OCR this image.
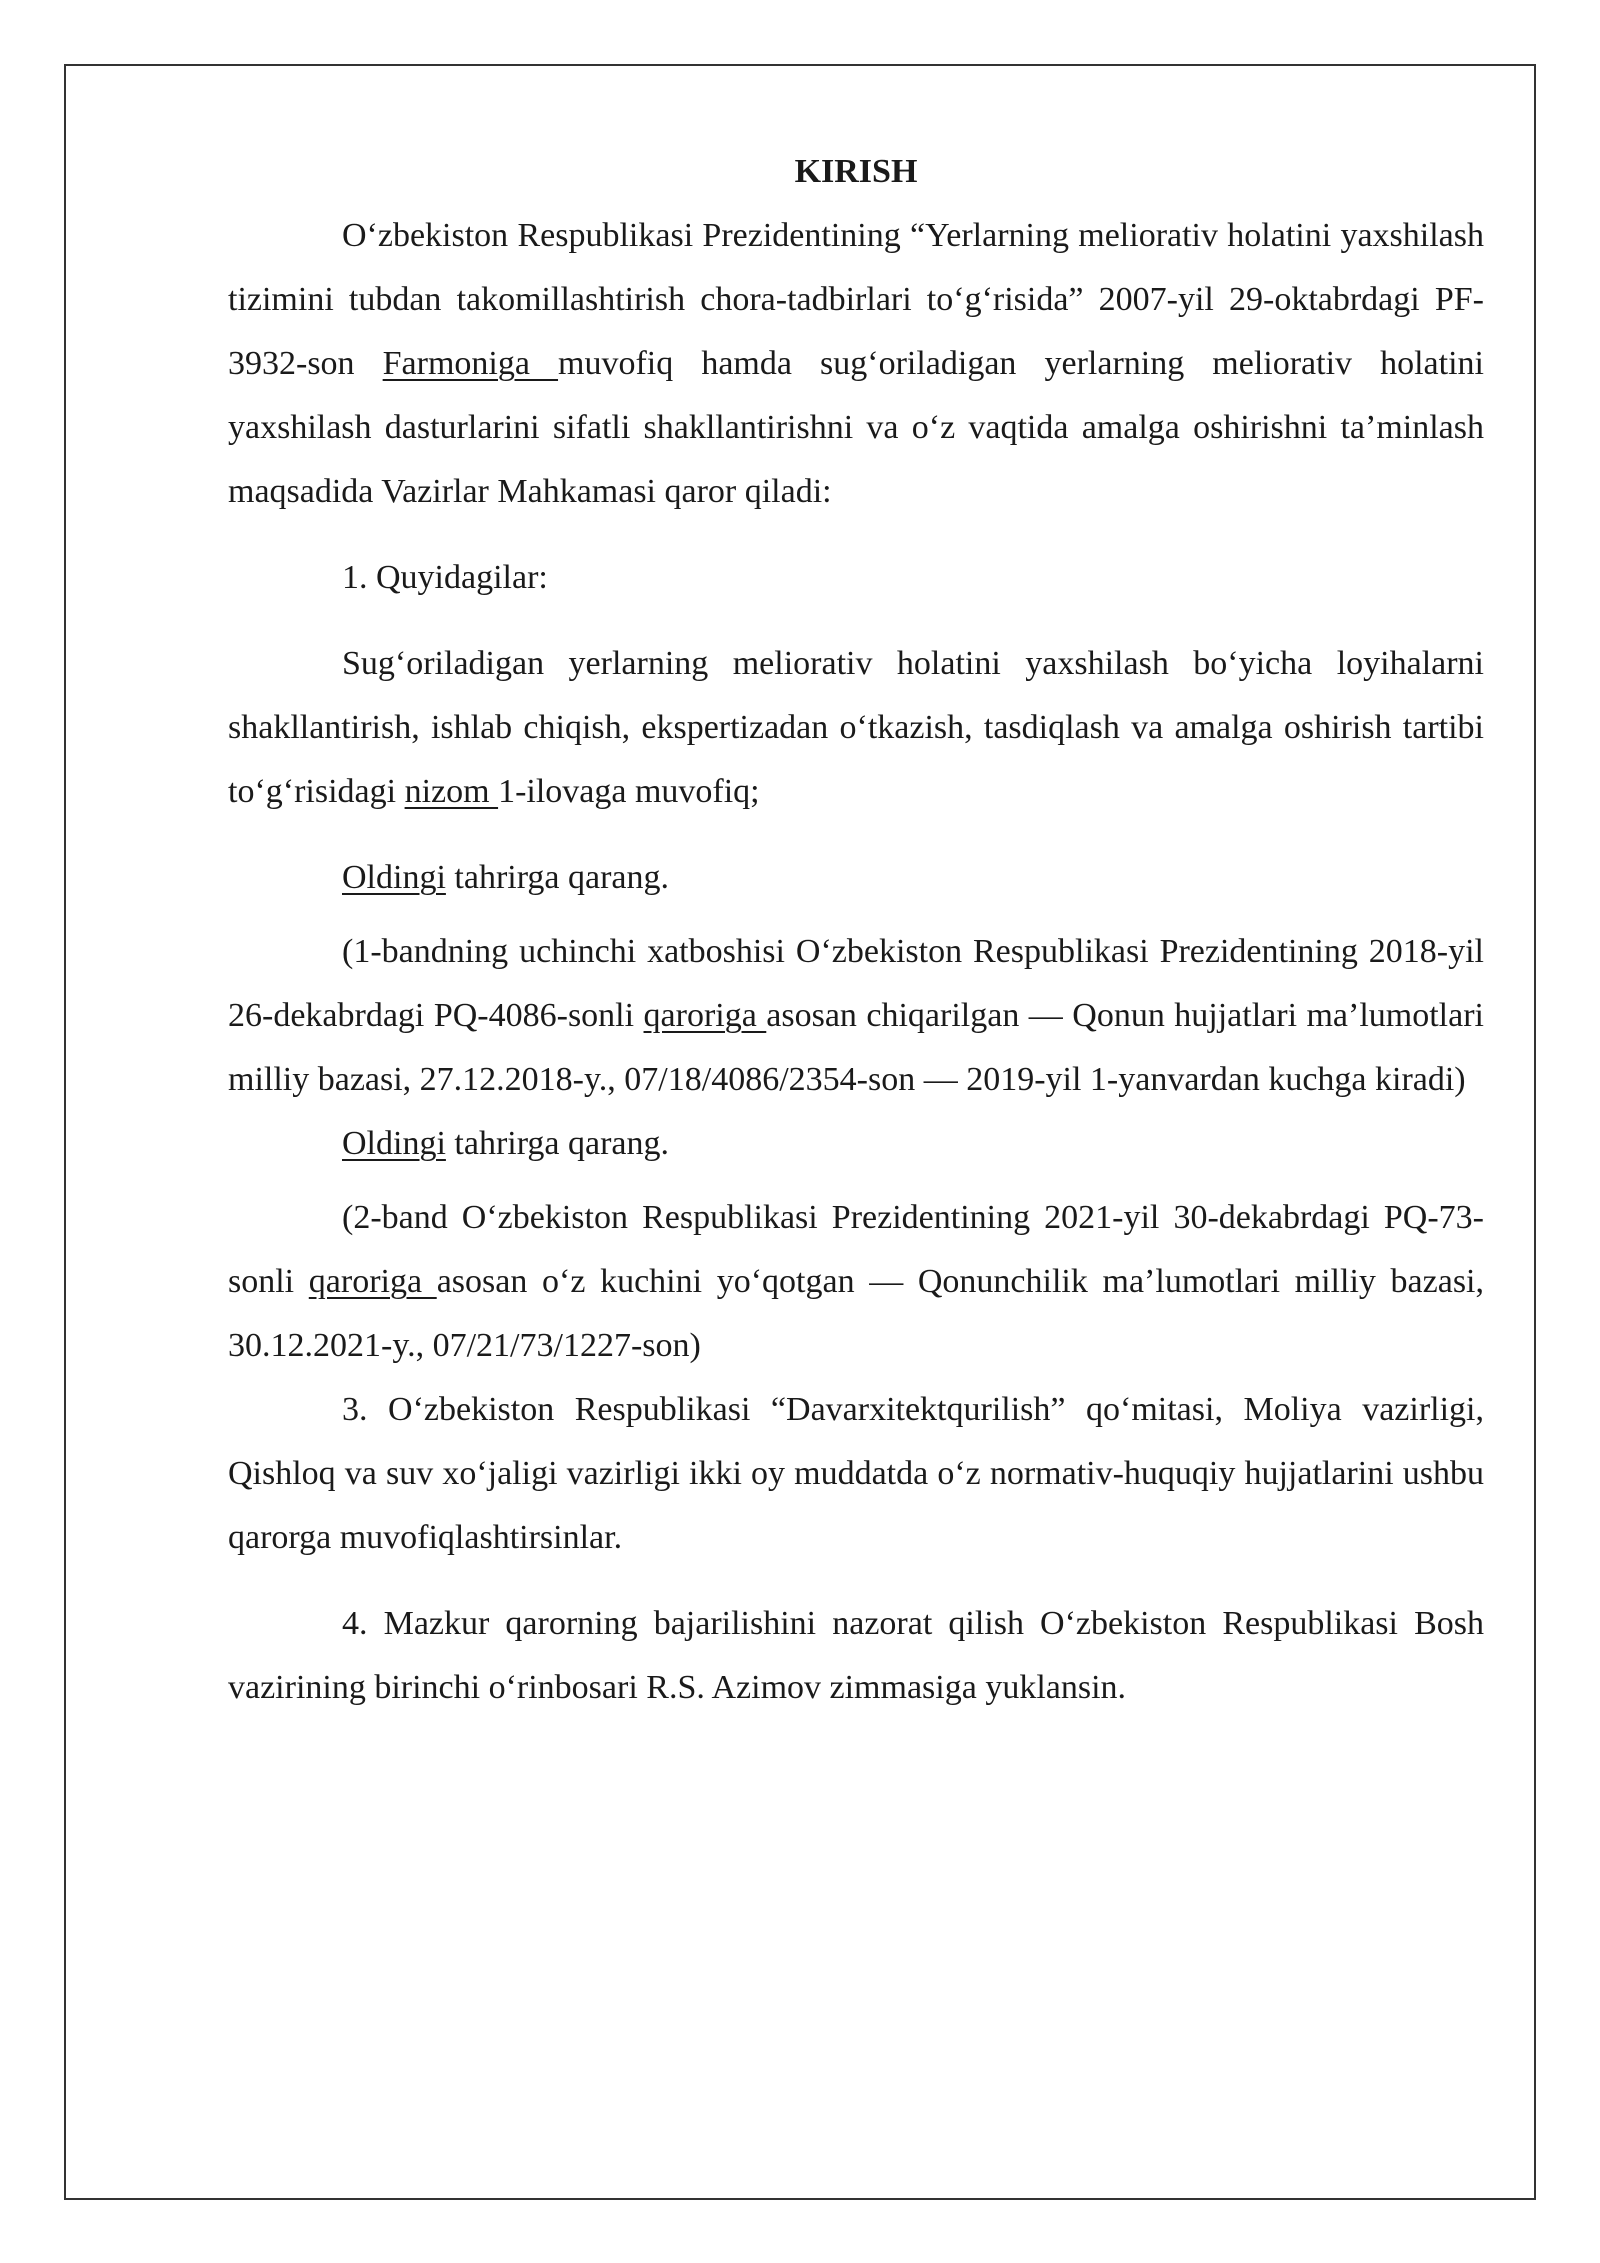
KIRISH

O‘zbekiston Respublikasi Prezidentining “Yerlarning meliorativ holatini yaxshilash tizimini tubdan takomillashtirish chora-tadbirlari to‘g‘risida” 2007-yil 29-oktabrdagi PF-3932-son Farmoniga muvofiq hamda sug‘oriladigan yerlarning meliorativ holatini yaxshilash dasturlarini sifatli shakllantirishni va o‘z vaqtida amalga oshirishni ta’minlash maqsadida Vazirlar Mahkamasi qaror qiladi:

1. Quyidagilar:

Sug‘oriladigan yerlarning meliorativ holatini yaxshilash bo‘yicha loyihalarni shakllantirish, ishlab chiqish, ekspertizadan o‘tkazish, tasdiqlash va amalga oshirish tartibi to‘g‘risidagi nizom 1-ilovaga muvofiq;

Oldingi tahrirga qarang.

(1-bandning uchinchi xatboshisi O‘zbekiston Respublikasi Prezidentining 2018-yil 26-dekabrdagi PQ-4086-sonli qaroriga asosan chiqarilgan — Qonun hujjatlari ma’lumotlari milliy bazasi, 27.12.2018-y., 07/18/4086/2354-son — 2019-yil 1-yanvardan kuchga kiradi)

Oldingi tahrirga qarang.

(2-band O‘zbekiston Respublikasi Prezidentining 2021-yil 30-dekabrdagi PQ-73-sonli qaroriga asosan o‘z kuchini yo‘qotgan — Qonunchilik ma’lumotlari milliy bazasi, 30.12.2021-y., 07/21/73/1227-son)

3. O‘zbekiston Respublikasi “Davarxitektqurilish” qo‘mitasi, Moliya vazirligi, Qishloq va suv xo‘jaligi vazirligi ikki oy muddatda o‘z normativ-huquqiy hujjatlarini ushbu qarorga muvofiqlashtirsinlar.

4. Mazkur qarorning bajarilishini nazorat qilish O‘zbekiston Respublikasi Bosh vazirining birinchi o‘rinbosari R.S. Azimov zimmasiga yuklansin.
